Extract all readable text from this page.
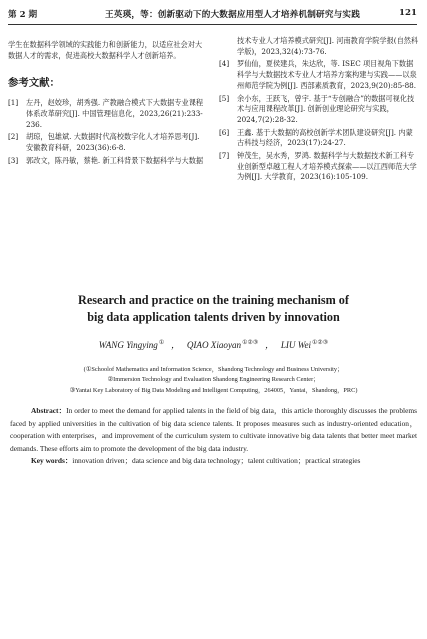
第 2 期	王英瑛，等：创新驱动下的大数据应用型人才培养机制研究与实践	121

学生在数据科学领域的实践能力和创新能力，以适应社会对大数据人才的需求，促进高校大数据科学人才创新培养。

参考文献：
[1] 左丹，赵姣珍，胡秀强. 产教融合模式下大数据专业课程体系改革研究[J]. 中国管理信息化，2023,26(21):233-236.
[2] 胡琼，包雄斌. 大数据时代高校数字化人才培养思考[J]. 安徽教育科研，2023(36):6-8.
[3] 郭改文，陈丹敏，蔡艳. 新工科背景下数据科学与大数据
技术专业人才培养模式研究[J]. 河南教育学院学报(自然科学版)，2023,32(4):73-76.
[4] 罗仙仙，夏侯建兵，朱达欣，等. ISEC 项目视角下数据科学与大数据技术专业人才培养方案构建与实践——以泉州师范学院为例[J]. 西部素质教育，2023,9(20):85-88.
[5] 余小东，王跃飞，曾宇. 基于“专创融合”的数据可视化技术与应用课程改革[J]. 创新创业理论研究与实践，2024,7(2):28-32.
[6] 王鑫. 基于大数据的高校创新学术团队建设研究[J]. 内蒙古科技与经济，2023(17):24-27.
[7] 钟茂生，吴水秀，罗鸿. 数据科学与大数据技术新工科专业创新型卓越工程人才培养模式探索——以江西师范大学为例[J]. 大学教育，2023(16):105-109.
Research and practice on the training mechanism of
big data application talents driven by innovation
WANG Yingying① ， QIAO Xiaoyan①②③ ， LIU Wei①②③
(①Schoolof Mathematics and Information Science，Shandong Technology and Business University；
②Immersion Technology and Evaluation Shandong Engineering Research Center；
③Yantai Key Laboratory of Big Data Modeling and Intelligent Computing，264005，Yantai，Shandong，PRC)

Abstract：In order to meet the demand for applied talents in the field of big data，this article thoroughly discusses the problems faced by applied universities in the cultivation of big data science talents. It proposes measures such as industry-oriented education，cooperation with enterprises，and improvement of the curriculum system to cultivate innovative big data talents that better meet market demands. These efforts aim to promote the development of the big data industry.

Key words：innovation driven；data science and big data technology；talent cultivation；practical strategies
